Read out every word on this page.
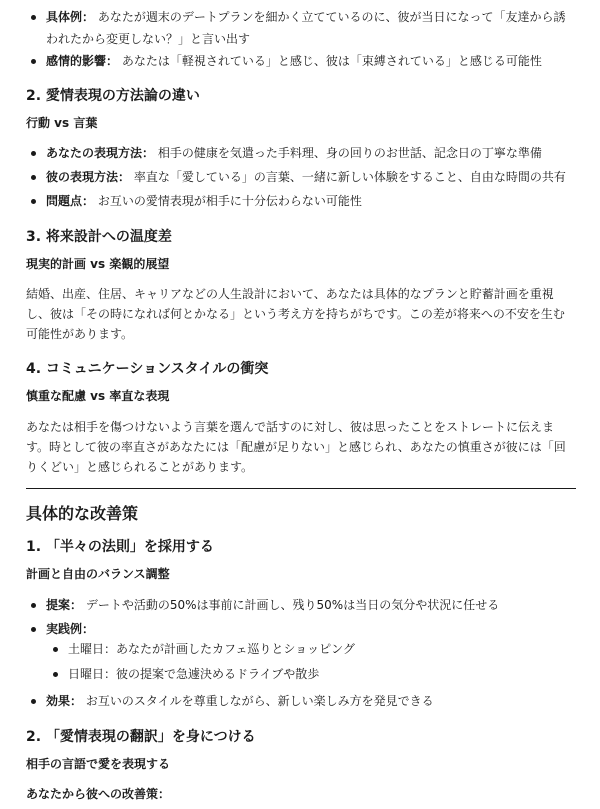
具体例： あなたが週末のデートプランを細かく立てているのに、彼が当日になって「友達から誘われたから変更しない？」と言い出す
感情的影響： あなたは「軽視されている」と感じ、彼は「束縛されている」と感じる可能性
2. 愛情表現の方法論の違い
行動 vs 言葉
あなたの表現方法： 相手の健康を気遣った手料理、身の回りのお世話、記念日の丁寧な準備
彼の表現方法： 率直な「愛している」の言葉、一緒に新しい体験をすること、自由な時間の共有
問題点： お互いの愛情表現が相手に十分伝わらない可能性
3. 将来設計への温度差
現実的計画 vs 楽観的展望
結婚、出産、住居、キャリアなどの人生設計において、あなたは具体的なプランと貯蓄計画を重視し、彼は「その時になれば何とかなる」という考え方を持ちがちです。この差が将来への不安を生む可能性があります。
4. コミュニケーションスタイルの衝突
慎重な配慮 vs 率直な表現
あなたは相手を傷つけないよう言葉を選んで話すのに対し、彼は思ったことをストレートに伝えます。時として彼の率直さがあなたには「配慮が足りない」と感じられ、あなたの慎重さが彼には「回りくどい」と感じられることがあります。
具体的な改善策
1. 「半々の法則」を採用する
計画と自由のバランス調整
提案： デートや活動の50%は事前に計画し、残り50%は当日の気分や状況に任せる
実践例：
土曜日：あなたが計画したカフェ巡りとショッピング
日曜日：彼の提案で急遽決めるドライブや散歩
効果： お互いのスタイルを尊重しながら、新しい楽しみ方を発見できる
2. 「愛情表現の翻訳」を身につける
相手の言語で愛を表現する
あなたから彼への改善策：
